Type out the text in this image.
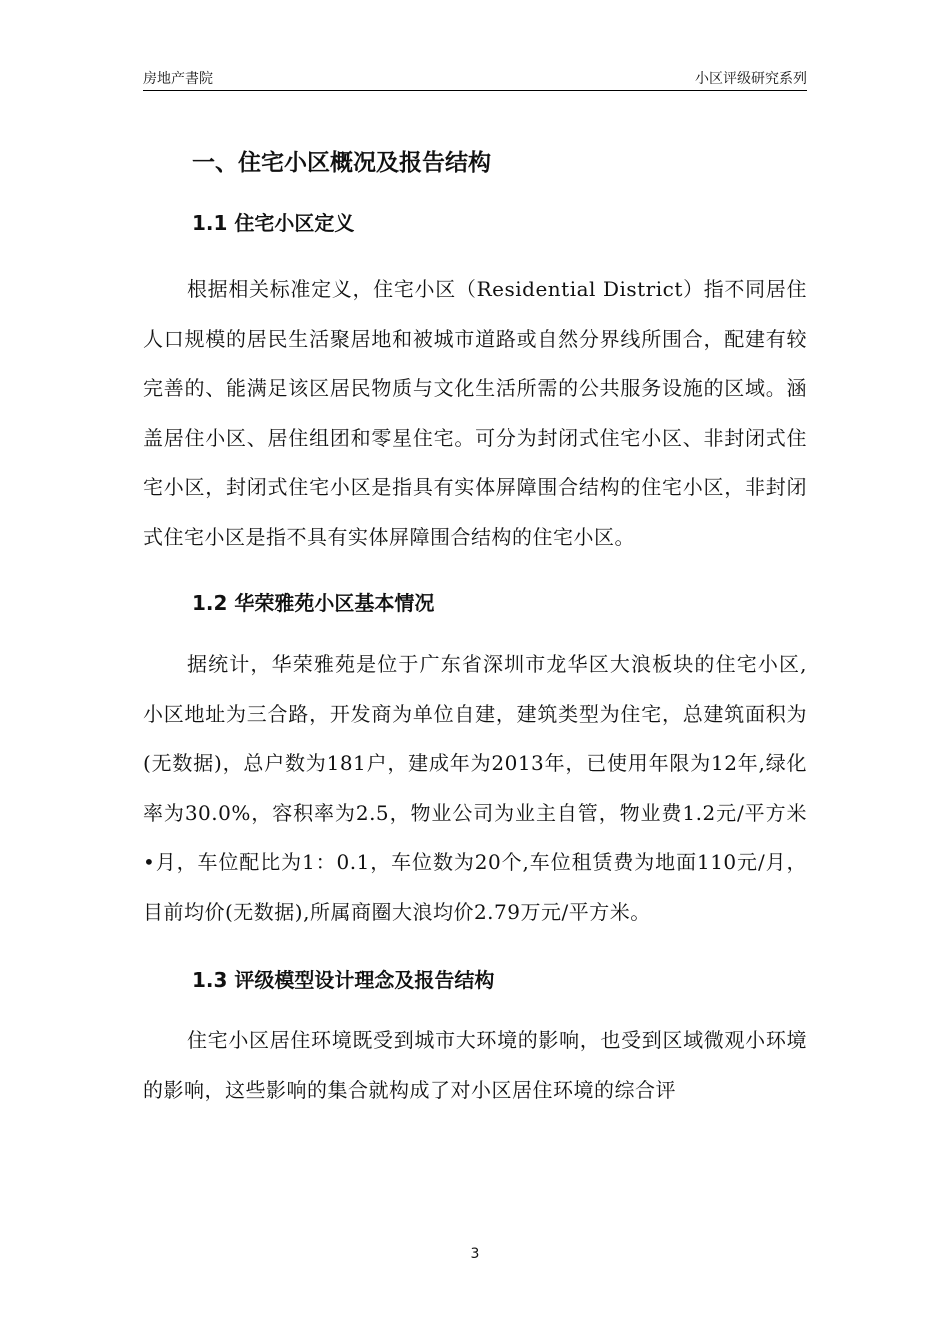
房地产書院	小区评级研究系列
一、住宅小区概况及报告结构
1.1 住宅小区定义

根据相关标准定义，住宅小区（Residential District）指不同居住人口规模的居民生活聚居地和被城市道路或自然分界线所围合，配建有较完善的、能满足该区居民物质与文化生活所需的公共服务设施的区域。涵盖居住小区、居住组团和零星住宅。可分为封闭式住宅小区、非封闭式住宅小区，封闭式住宅小区是指具有实体屏障围合结构的住宅小区，非封闭式住宅小区是指不具有实体屏障围合结构的住宅小区。

1.2 华荣雅苑小区基本情况

据统计，华荣雅苑是位于广东省深圳市龙华区大浪板块的住宅小区,小区地址为三合路，开发商为单位自建，建筑类型为住宅，总建筑面积为(无数据)，总户数为181户，建成年为2013年，已使用年限为12年,绿化率为30.0%，容积率为2.5，物业公司为业主自管，物业费1.2元/平方米•月，车位配比为1：0.1，车位数为20个,车位租赁费为地面110元/月，目前均价(无数据),所属商圈大浪均价2.79万元/平方米。

1.3 评级模型设计理念及报告结构

住宅小区居住环境既受到城市大环境的影响，也受到区域微观小环境的影响，这些影响的集合就构成了对小区居住环境的综合评

3
